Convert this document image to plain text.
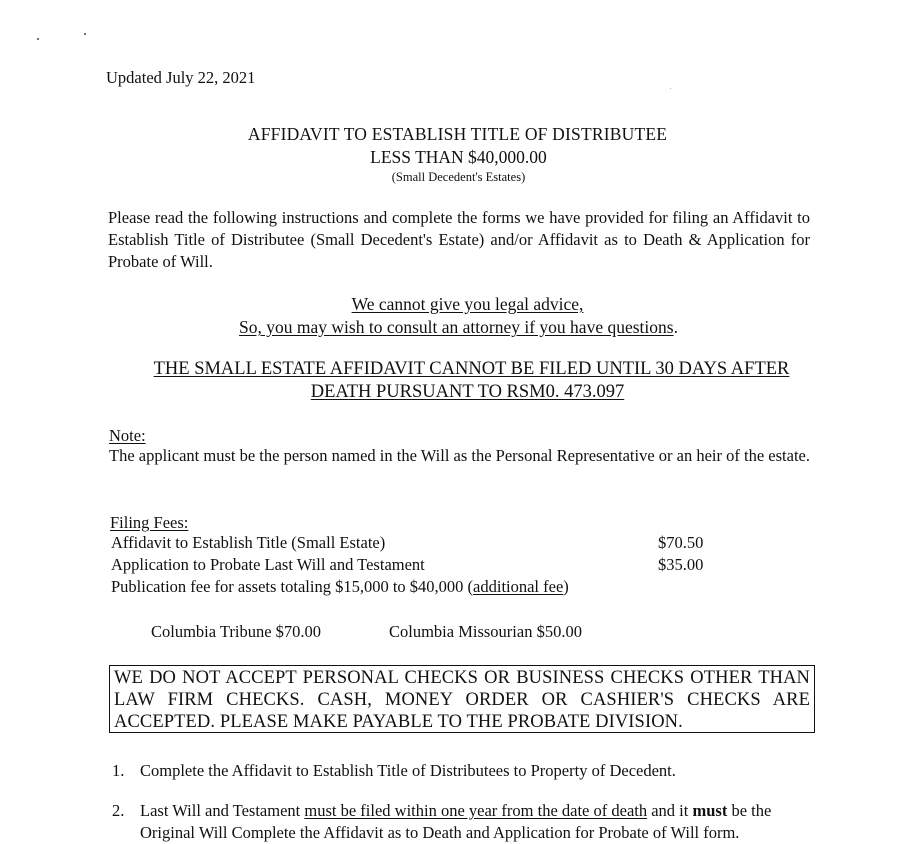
Updated July 22, 2021
AFFIDAVIT TO ESTABLISH TITLE OF DISTRIBUTEE
LESS THAN $40,000.00
(Small Decedent's Estates)
Please read the following instructions and complete the forms we have provided for filing an Affidavit to Establish Title of Distributee (Small Decedent's Estate) and/or Affidavit as to Death & Application for Probate of Will.
We cannot give you legal advice,
So, you may wish to consult an attorney if you have questions.
THE SMALL ESTATE AFFIDAVIT CANNOT BE FILED UNTIL 30 DAYS AFTER
DEATH PURSUANT TO RSM0. 473.097
Note:
The applicant must be the person named in the Will as the Personal Representative or an heir of the estate.
Filing Fees:
Affidavit to Establish Title (Small Estate)	$70.50
Application to Probate Last Will and Testament	$35.00
Publication fee for assets totaling $15,000 to $40,000 (additional fee)
Columbia Tribune $70.00	Columbia Missourian $50.00
WE DO NOT ACCEPT PERSONAL CHECKS OR BUSINESS CHECKS OTHER THAN LAW FIRM CHECKS. CASH, MONEY ORDER OR CASHIER'S CHECKS ARE ACCEPTED. PLEASE MAKE PAYABLE TO THE PROBATE DIVISION.
1. Complete the Affidavit to Establish Title of Distributees to Property of Decedent.
2. Last Will and Testament must be filed within one year from the date of death and it must be the Original Will Complete the Affidavit as to Death and Application for Probate of Will form.
